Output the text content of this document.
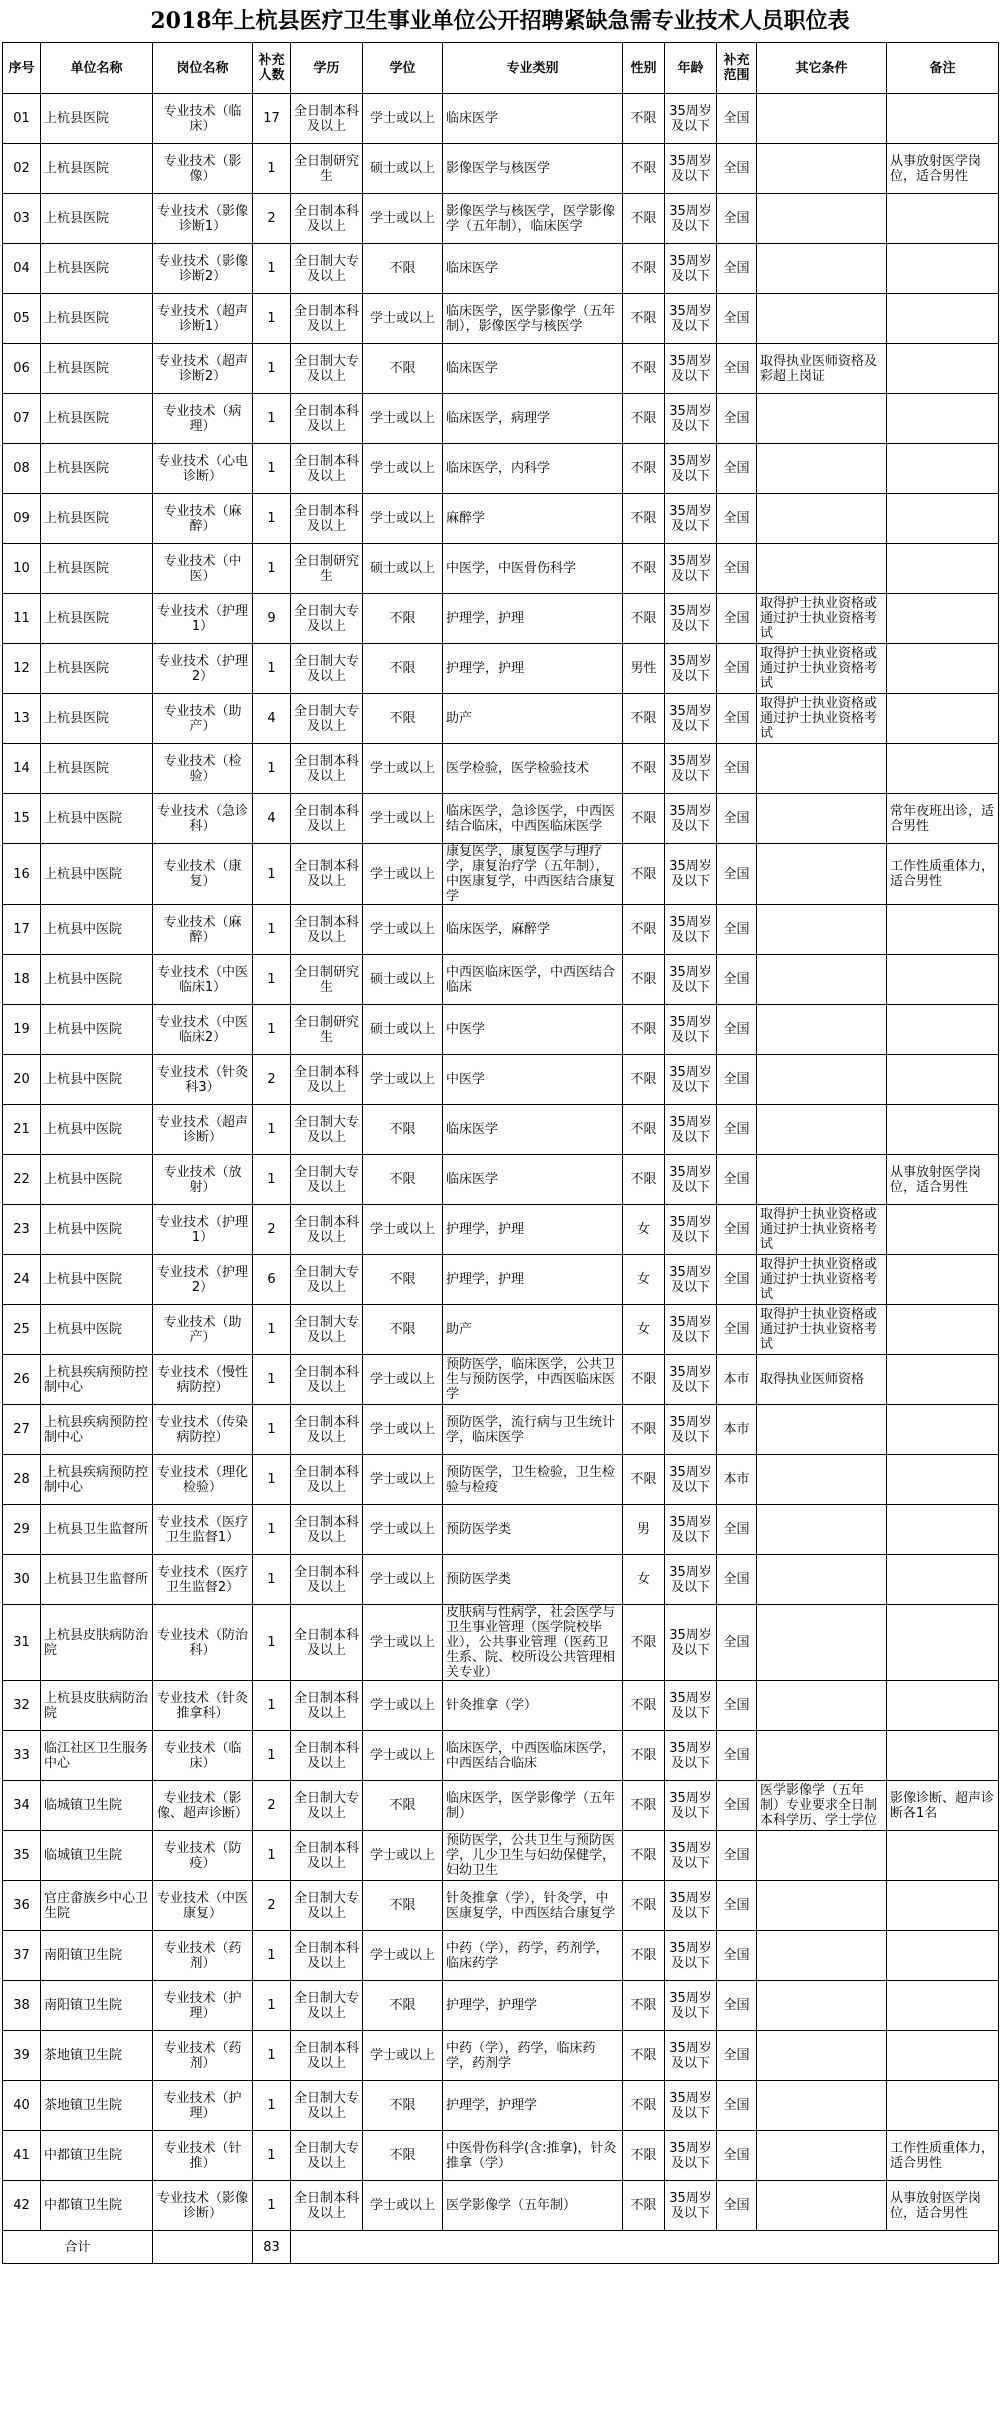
2018年上杭县医疗卫生事业单位公开招聘紧缺急需专业技术人员职位表
序号	单位名称	岗位名称	补充人数	学历	学位	专业类别	性别	年龄	补充范围	其它条件	备注
01	上杭县医院	专业技术（临床）	17	全日制本科及以上	学士或以上	临床医学	不限	35周岁及以下	全国		
02	上杭县医院	专业技术（影像）	1	全日制研究生	硕士或以上	影像医学与核医学	不限	35周岁及以下	全国		从事放射医学岗位，适合男性
03	上杭县医院	专业技术（影像诊断1）	2	全日制本科及以上	学士或以上	影像医学与核医学，医学影像学（五年制），临床医学	不限	35周岁及以下	全国		
04	上杭县医院	专业技术（影像诊断2）	1	全日制大专及以上	不限	临床医学	不限	35周岁及以下	全国		
05	上杭县医院	专业技术（超声诊断1）	1	全日制本科及以上	学士或以上	临床医学，医学影像学（五年制），影像医学与核医学	不限	35周岁及以下	全国		
06	上杭县医院	专业技术（超声诊断2）	1	全日制大专及以上	不限	临床医学	不限	35周岁及以下	全国	取得执业医师资格及彩超上岗证	
07	上杭县医院	专业技术（病理）	1	全日制本科及以上	学士或以上	临床医学，病理学	不限	35周岁及以下	全国		
08	上杭县医院	专业技术（心电诊断）	1	全日制本科及以上	学士或以上	临床医学，内科学	不限	35周岁及以下	全国		
09	上杭县医院	专业技术（麻醉）	1	全日制本科及以上	学士或以上	麻醉学	不限	35周岁及以下	全国		
10	上杭县医院	专业技术（中医）	1	全日制研究生	硕士或以上	中医学，中医骨伤科学	不限	35周岁及以下	全国		
11	上杭县医院	专业技术（护理1）	9	全日制大专及以上	不限	护理学，护理	不限	35周岁及以下	全国	取得护士执业资格或通过护士执业资格考试	
12	上杭县医院	专业技术（护理2）	1	全日制大专及以上	不限	护理学，护理	男性	35周岁及以下	全国	取得护士执业资格或通过护士执业资格考试	
13	上杭县医院	专业技术（助产）	4	全日制大专及以上	不限	助产	不限	35周岁及以下	全国	取得护士执业资格或通过护士执业资格考试	
14	上杭县医院	专业技术（检验）	1	全日制本科及以上	学士或以上	医学检验，医学检验技术	不限	35周岁及以下	全国		
15	上杭县中医院	专业技术（急诊科）	4	全日制本科及以上	学士或以上	临床医学，急诊医学，中西医结合临床，中西医临床医学	不限	35周岁及以下	全国		常年夜班出诊，适合男性
16	上杭县中医院	专业技术（康复）	1	全日制本科及以上	学士或以上	康复医学，康复医学与理疗学，康复治疗学（五年制），中医康复学，中西医结合康复学	不限	35周岁及以下	全国		工作性质重体力，适合男性
17	上杭县中医院	专业技术（麻醉）	1	全日制本科及以上	学士或以上	临床医学，麻醉学	不限	35周岁及以下	全国		
18	上杭县中医院	专业技术（中医临床1）	1	全日制研究生	硕士或以上	中西医临床医学，中西医结合临床	不限	35周岁及以下	全国		
19	上杭县中医院	专业技术（中医临床2）	1	全日制研究生	硕士或以上	中医学	不限	35周岁及以下	全国		
20	上杭县中医院	专业技术（针灸科3）	2	全日制本科及以上	学士或以上	中医学	不限	35周岁及以下	全国		
21	上杭县中医院	专业技术（超声诊断）	1	全日制大专及以上	不限	临床医学	不限	35周岁及以下	全国		
22	上杭县中医院	专业技术（放射）	1	全日制大专及以上	不限	临床医学	不限	35周岁及以下	全国		从事放射医学岗位，适合男性
23	上杭县中医院	专业技术（护理1）	2	全日制本科及以上	学士或以上	护理学，护理	女	35周岁及以下	全国	取得护士执业资格或通过护士执业资格考试	
24	上杭县中医院	专业技术（护理2）	6	全日制大专及以上	不限	护理学，护理	女	35周岁及以下	全国	取得护士执业资格或通过护士执业资格考试	
25	上杭县中医院	专业技术（助产）	1	全日制大专及以上	不限	助产	女	35周岁及以下	全国	取得护士执业资格或通过护士执业资格考试	
26	上杭县疾病预防控制中心	专业技术（慢性病防控）	1	全日制本科及以上	学士或以上	预防医学，临床医学，公共卫生与预防医学，中西医临床医学	不限	35周岁及以下	本市	取得执业医师资格	
27	上杭县疾病预防控制中心	专业技术（传染病防控）	1	全日制本科及以上	学士或以上	预防医学，流行病与卫生统计学，临床医学	不限	35周岁及以下	本市		
28	上杭县疾病预防控制中心	专业技术（理化检验）	1	全日制本科及以上	学士或以上	预防医学，卫生检验，卫生检验与检疫	不限	35周岁及以下	本市		
29	上杭县卫生监督所	专业技术（医疗卫生监督1）	1	全日制本科及以上	学士或以上	预防医学类	男	35周岁及以下	全国		
30	上杭县卫生监督所	专业技术（医疗卫生监督2）	1	全日制本科及以上	学士或以上	预防医学类	女	35周岁及以下	全国		
31	上杭县皮肤病防治院	专业技术（防治科）	1	全日制本科及以上	学士或以上	皮肤病与性病学，社会医学与卫生事业管理（医学院校毕业），公共事业管理（医药卫生系、院、校所设公共管理相关专业）	不限	35周岁及以下	全国		
32	上杭县皮肤病防治院	专业技术（针灸推拿科）	1	全日制本科及以上	学士或以上	针灸推拿（学）	不限	35周岁及以下	全国		
33	临江社区卫生服务中心	专业技术（临床）	1	全日制本科及以上	学士或以上	临床医学，中西医临床医学，中西医结合临床	不限	35周岁及以下	全国		
34	临城镇卫生院	专业技术（影像、超声诊断）	2	全日制大专及以上	不限	临床医学，医学影像学（五年制）	不限	35周岁及以下	全国	医学影像学（五年制）专业要求全日制本科学历、学士学位	影像诊断、超声诊断各1名
35	临城镇卫生院	专业技术（防疫）	1	全日制本科及以上	学士或以上	预防医学，公共卫生与预防医学，儿少卫生与妇幼保健学，妇幼卫生	不限	35周岁及以下	全国		
36	官庄畲族乡中心卫生院	专业技术（中医康复）	2	全日制大专及以上	不限	针灸推拿（学），针灸学，中医康复学，中西医结合康复学	不限	35周岁及以下	全国		
37	南阳镇卫生院	专业技术（药剂）	1	全日制本科及以上	学士或以上	中药（学），药学，药剂学，临床药学	不限	35周岁及以下	全国		
38	南阳镇卫生院	专业技术（护理）	1	全日制大专及以上	不限	护理学，护理学	不限	35周岁及以下	全国		
39	茶地镇卫生院	专业技术（药剂）	1	全日制本科及以上	学士或以上	中药（学），药学，临床药学，药剂学	不限	35周岁及以下	全国		
40	茶地镇卫生院	专业技术（护理）	1	全日制大专及以上	不限	护理学，护理学	不限	35周岁及以下	全国		
41	中都镇卫生院	专业技术（针推）	1	全日制大专及以上	不限	中医骨伤科学(含:推拿)，针灸推拿（学）	不限	35周岁及以下	全国		工作性质重体力，适合男性
42	中都镇卫生院	专业技术（影像诊断）	1	全日制本科及以上	学士或以上	医学影像学（五年制）	不限	35周岁及以下	全国		从事放射医学岗位，适合男性
合计			83								
